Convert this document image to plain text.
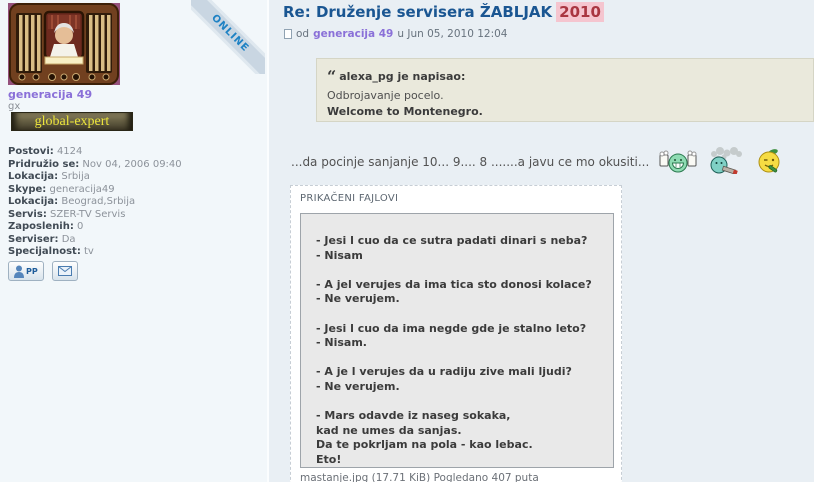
ONLINE
generacija 49
gx
global-expert
Postovi: 4124
Pridružio se: Nov 04, 2006 09:40
Lokacija: Srbija
Skype: generacija49
Lokacija: Beograd,Srbija
Servis: SZER-TV Servis
Zaposlenih: 0
Serviser: Da
Specijalnost: tv
PP
Re: Druženje servisera ŽABLJAK 2010
od generacija 49 u Jun 05, 2010 12:04
“ alexa_pg je napisao:
Odbrojavanje pocelo.
Welcome to Montenegro.
...da pocinje sanjanje 10... 9.... 8 .......a javu ce mo okusiti...
PRIKAČENI FAJLOVI
- Jesi l cuo da ce sutra padati dinari s neba?
- Nisam
- A jel verujes da ima tica sto donosi kolace?
- Ne verujem.
- Jesi l cuo da ima negde gde je stalno leto?
- Nisam.
- A je l verujes da u radiju zive mali ljudi?
- Ne verujem.
- Mars odavde iz naseg sokaka,
kad ne umes da sanjas.
Da te pokrljam na pola - kao lebac.
Eto!
mastanje.jpg (17.71 KiB) Pogledano 407 puta
